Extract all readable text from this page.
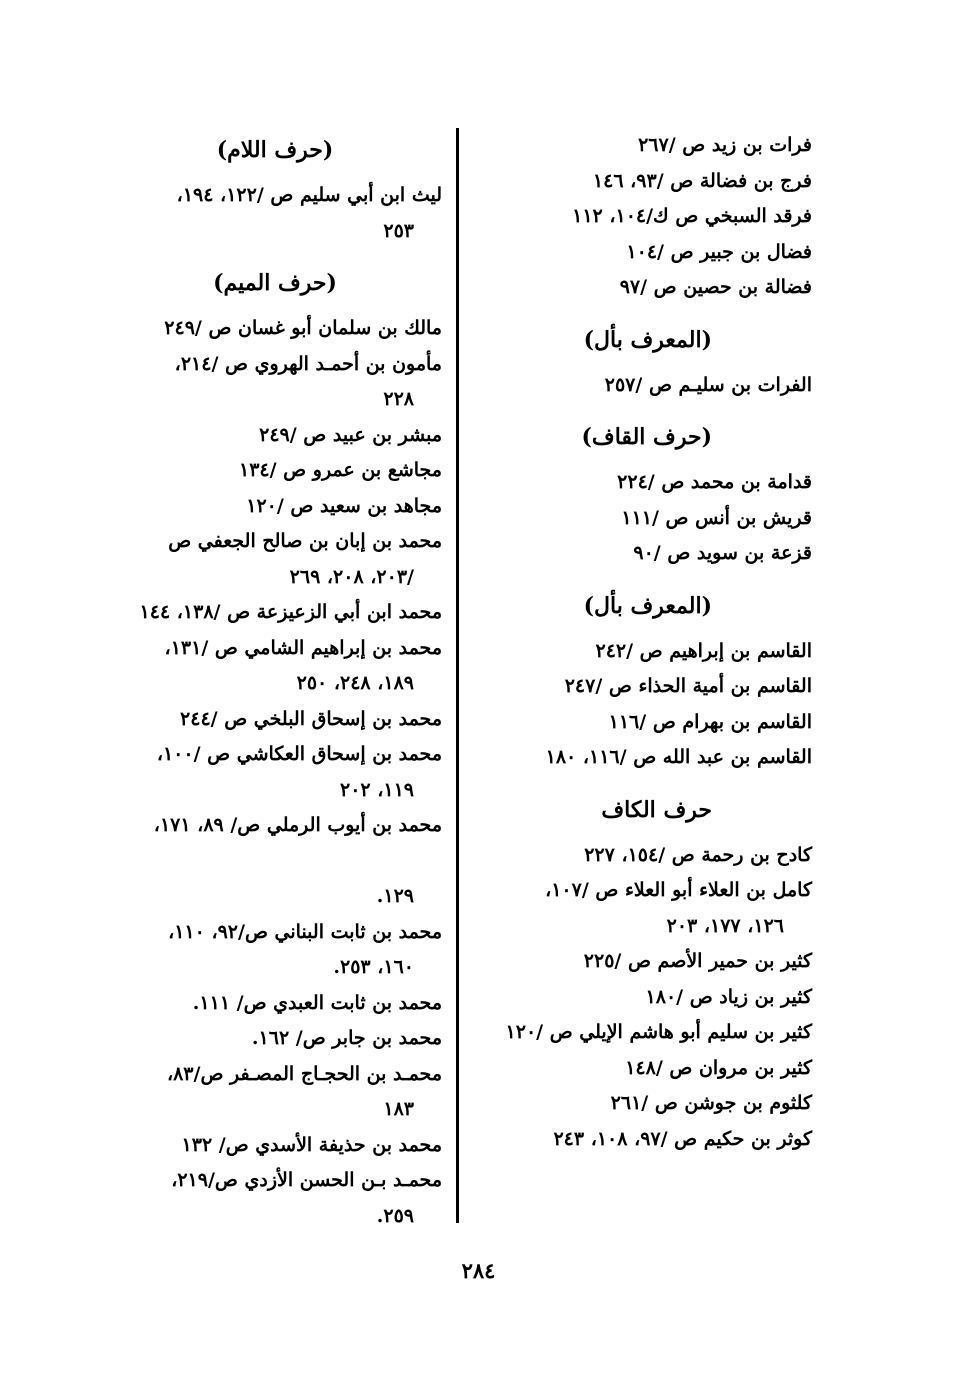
فرات بن زيد ص /٢٦٧
فرج بن فضالة ص /٩٣، ١٤٦
فرقد السبخي ص ك/١٠٤، ١١٢
فضال بن جبير ص /١٠٤
فضالة بن حصين ص /٩٧
(المعرف بأل)
الفرات بن سليـم ص /٢٥٧
(حرف القاف)
قدامة بن محمد ص /٢٢٤
قريش بن أنس ص /١١١
قزعة بن سويد ص /٩٠
(المعرف بأل)
القاسم بن إبراهيم ص /٢٤٢
القاسم بن أمية الحذاء ص /٢٤٧
القاسم بن بهرام ص /١١٦
القاسم بن عبد الله ص /١١٦، ١٨٠
حرف الكاف
كادح بن رحمة ص /١٥٤، ٢٢٧
كامل بن العلاء أبو العلاء ص /١٠٧،
١٢٦، ١٧٧، ٢٠٣
كثير بن حمير الأصم ص /٢٢٥
كثير بن زياد ص /١٨٠
كثير بن سليم أبو هاشم الإيلي ص /١٢٠
كثير بن مروان ص /١٤٨
كلثوم بن جوشن ص /٢٦١
كوثر بن حكيم ص /٩٧، ١٠٨، ٢٤٣
(حرف اللام)
ليث ابن أبي سليم ص /١٢٢، ١٩٤،
٢٥٣
(حرف الميم)
مالك بن سلمان أبو غسان ص /٢٤٩
مأمون بن أحمـد الهروي ص /٢١٤،
٢٢٨
مبشر بن عبيد ص /٢٤٩
مجاشع بن عمرو ص /١٣٤
مجاهد بن سعيد ص /١٢٠
محمد بن إبان بن صالح الجعفي ص
/٢٠٣، ٢٠٨، ٢٦٩
محمد ابن أبي الزعيزعة ص /١٣٨، ١٤٤
محمد بن إبراهيم الشامي ص /١٣١،
١٨٩، ٢٤٨، ٢٥٠
محمد بن إسحاق البلخي ص /٢٤٤
محمد بن إسحاق العكاشي ص /١٠٠،
١١٩، ٢٠٢
محمد بن أيوب الرملي ص/ ٨٩، ١٧١،
١٢٩.
محمد بن ثابت البناني ص/٩٢، ١١٠،
١٦٠، ٢٥٣.
محمد بن ثابت العبدي ص/ ١١١.
محمد بن جابر ص/ ١٦٢.
محمـد بن الحجـاج المصـفر ص/٨٣،
١٨٣
محمد بن حذيفة الأسدي ص/ ١٣٢
محمـد بـن الحسن الأزدي ص/٢١٩،
٢٥٩.
٢٨٤
